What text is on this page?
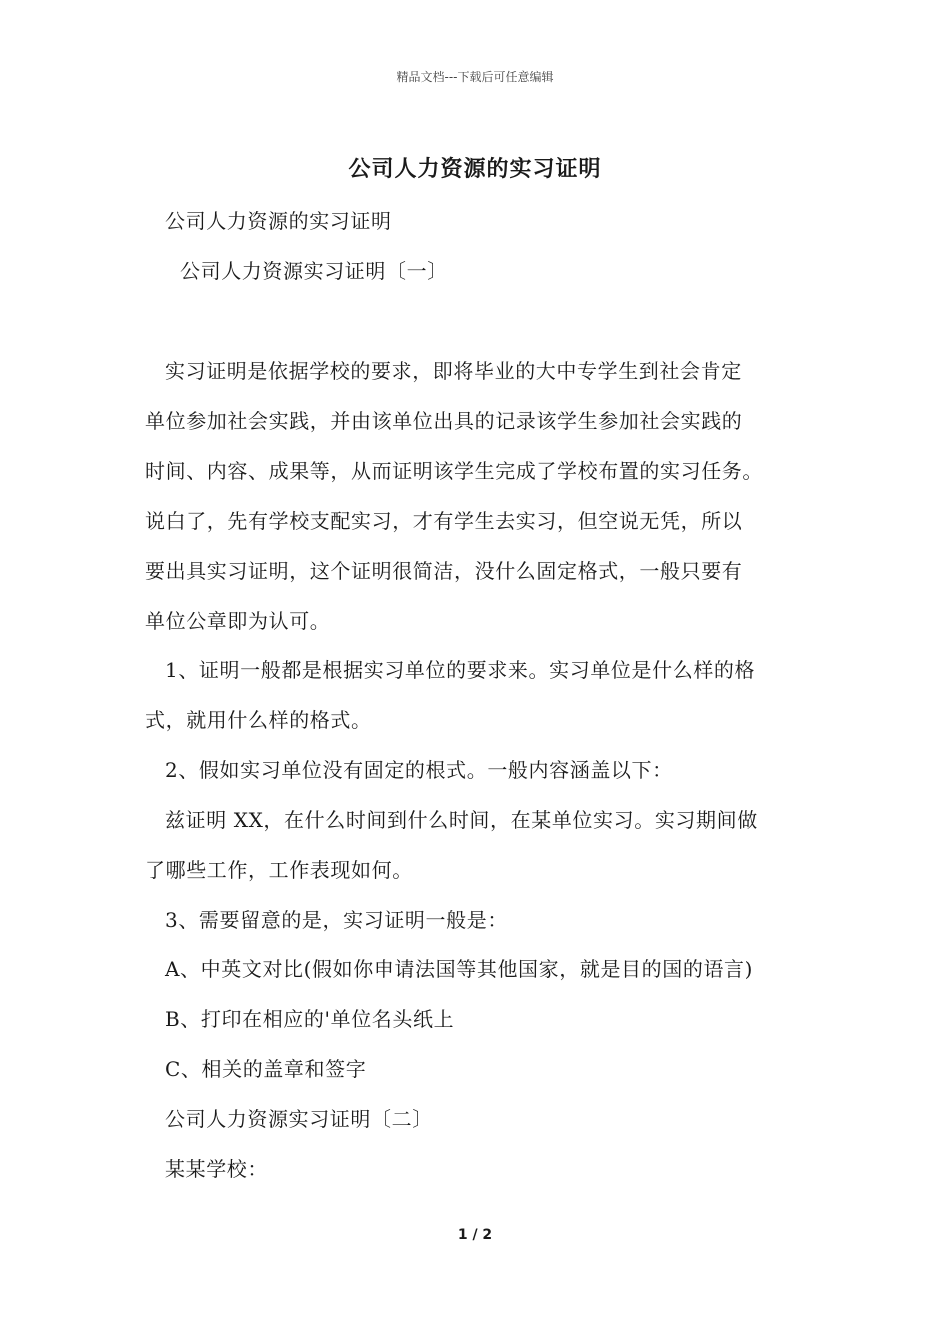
精品文档---下载后可任意编辑
公司人力资源的实习证明
公司人力资源的实习证明
公司人力资源实习证明〔一〕
实习证明是依据学校的要求，即将毕业的大中专学生到社会肯定
单位参加社会实践，并由该单位出具的记录该学生参加社会实践的
时间、内容、成果等，从而证明该学生完成了学校布置的实习任务。
说白了，先有学校支配实习，才有学生去实习，但空说无凭，所以
要出具实习证明，这个证明很简洁，没什么固定格式，一般只要有
单位公章即为认可。
1、证明一般都是根据实习单位的要求来。实习单位是什么样的格
式，就用什么样的格式。
2、假如实习单位没有固定的根式。一般内容涵盖以下：
兹证明 XX，在什么时间到什么时间，在某单位实习。实习期间做
了哪些工作，工作表现如何。
3、需要留意的是，实习证明一般是：
A、中英文对比(假如你申请法国等其他国家，就是目的国的语言)
B、打印在相应的'单位名头纸上
C、相关的盖章和签字
公司人力资源实习证明〔二〕
某某学校：
1 / 2
